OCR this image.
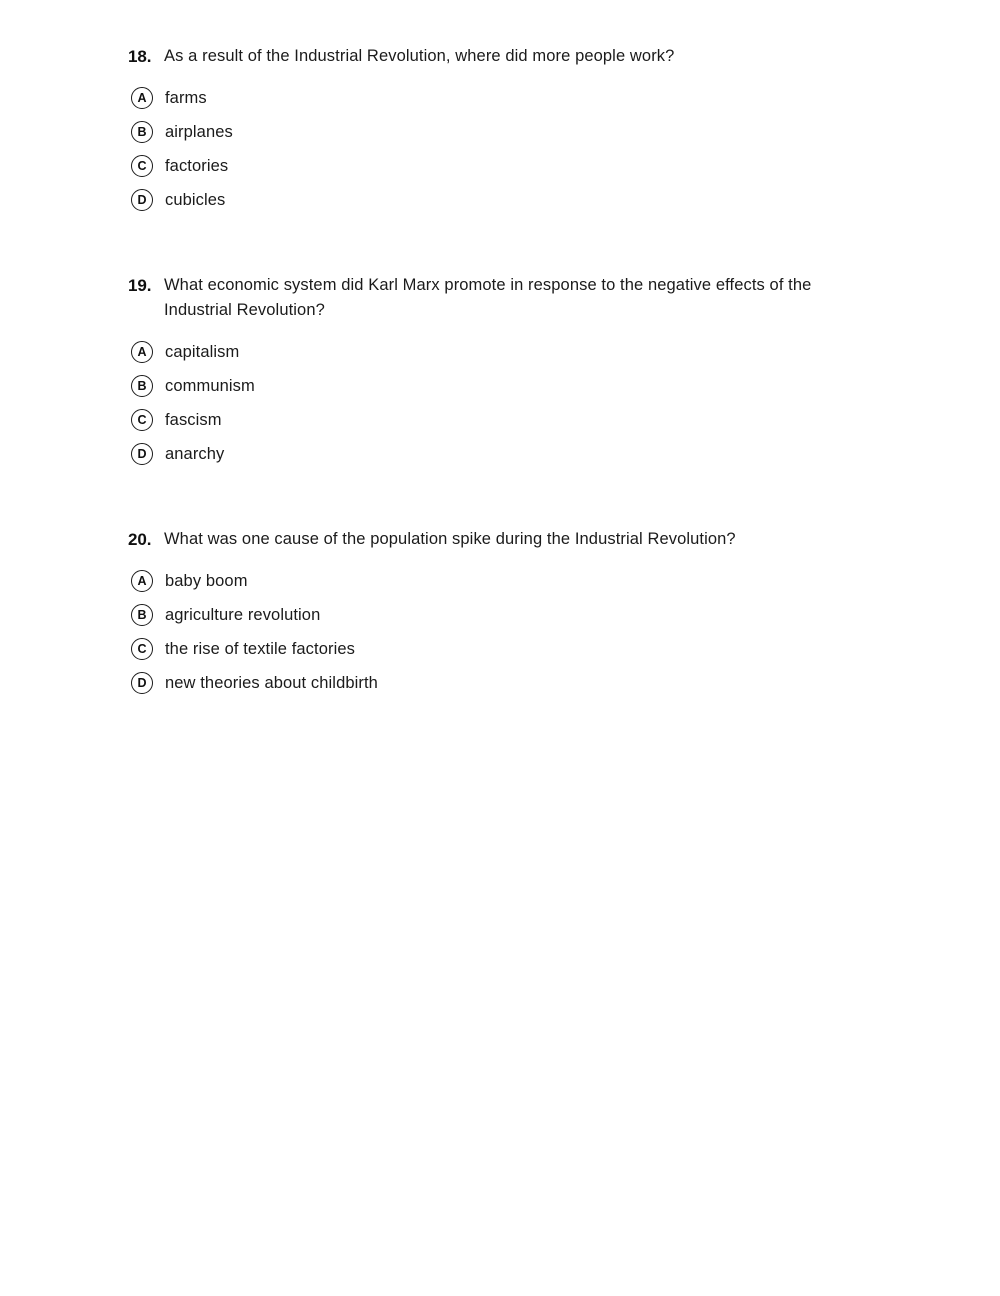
18. As a result of the Industrial Revolution, where did more people work?
A	farms
B	airplanes
C	factories
D	cubicles
19. What economic system did Karl Marx promote in response to the negative effects of the Industrial Revolution?
A	capitalism
B	communism
C	fascism
D	anarchy
20. What was one cause of the population spike during the Industrial Revolution?
A	baby boom
B	agriculture revolution
C	the rise of textile factories
D	new theories about childbirth
